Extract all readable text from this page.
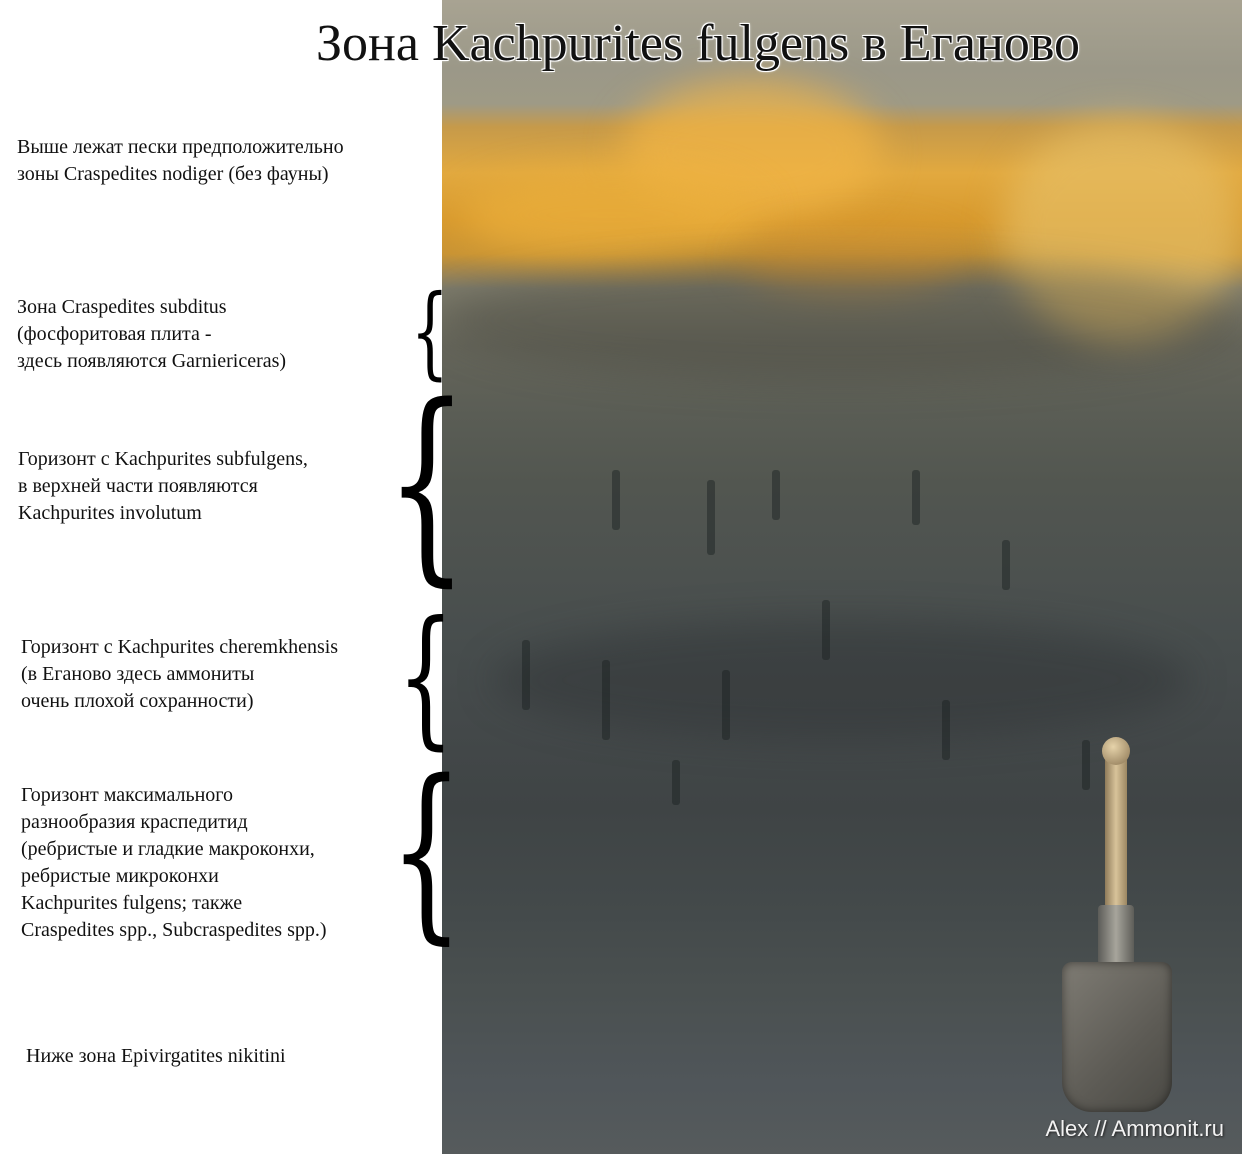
Зона Kachpurites fulgens в Еганово
Выше лежат пески предположительно
зоны Craspedites nodiger (без фауны)
Зона Craspedites subditus
(фосфоритовая плита -
здесь появляются Garniericeras)
Горизонт с Kachpurites subfulgens,
в верхней части появляются
Kachpurites involutum
Горизонт с Kachpurites cheremkhensis
(в Еганово здесь аммониты
очень плохой сохранности)
Горизонт максимального
разнообразия краспедитид
(ребристые и гладкие макроконхи,
ребристые микроконхи
Kachpurites fulgens; также
Craspedites spp., Subcraspedites spp.)
Ниже зона Epivirgatites nikitini
{
{
{
{
Alex // Ammonit.ru
